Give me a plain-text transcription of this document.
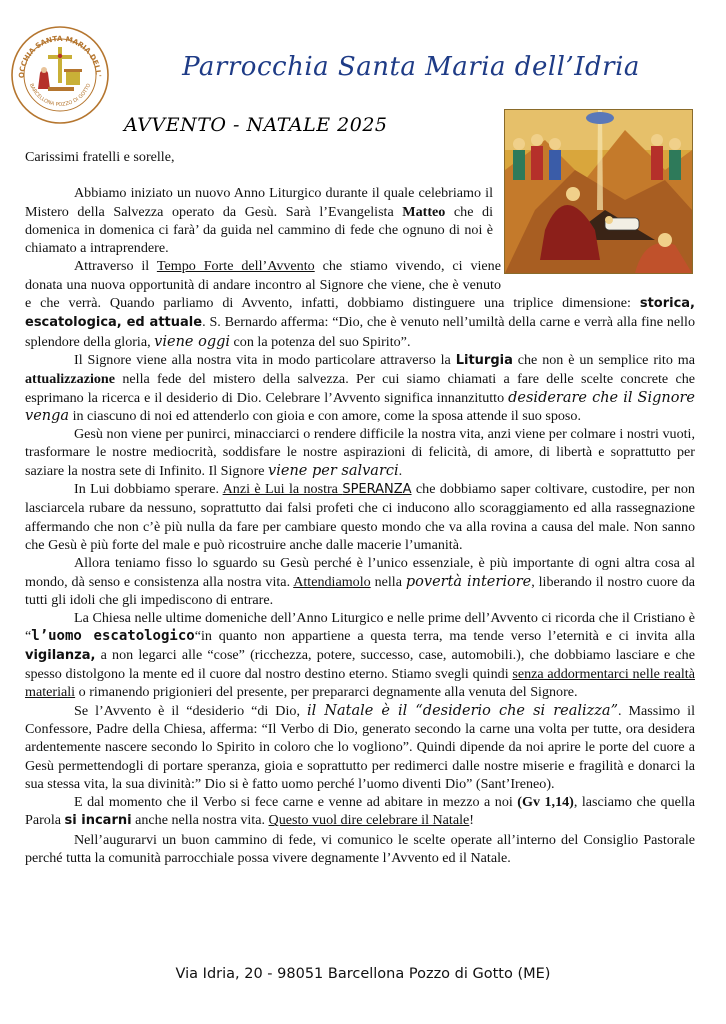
OCCHIA SANTA MARIA DELL'
BARCELLONA POZZO DI GOTTO
Parrocchia Santa Maria dell’Idria
AVVENTO - NATALE 2025

Carissimi fratelli e sorelle,

Abbiamo iniziato un nuovo Anno Liturgico durante il quale celebriamo il Mistero della Salvezza operato da Gesù. Sarà l’Evangelista Matteo che di domenica in domenica ci farà’ da guida nel cammino di fede che ognuno di noi è chiamato a intraprendere.

Attraverso il Tempo Forte dell’Avvento che stiamo vivendo, ci viene donata una nuova opportunità di andare incontro al Signore che viene, che è venuto e che verrà. Quando parliamo di Avvento, infatti, dobbiamo distinguere una triplice dimensione: storica, escatologica, ed attuale. S. Bernardo afferma: “Dio, che è venuto nell’umiltà della carne e verrà alla fine nello splendore della gloria, viene oggi con la potenza del suo Spirito”.

Il Signore viene alla nostra vita in modo particolare attraverso la Liturgia che non è un semplice rito ma attualizzazione nella fede del mistero della salvezza. Per cui siamo chiamati a fare delle scelte concrete che esprimano la ricerca e il desiderio di Dio. Celebrare l’Avvento significa innanzitutto desiderare che il Signore venga in ciascuno di noi ed attenderlo con gioia e con amore, come la sposa attende il suo sposo.

Gesù non viene per punirci, minacciarci o rendere difficile la nostra vita, anzi viene per colmare i nostri vuoti, trasformare le nostre mediocrità, soddisfare le nostre aspirazioni di felicità, di amore, di libertà e soprattutto per saziare la nostra sete di Infinito. Il Signore viene per salvarci.

In Lui dobbiamo sperare. Anzi è Lui la nostra SPERANZA che dobbiamo saper coltivare, custodire, per non lasciarcela rubare da nessuno, soprattutto dai falsi profeti che ci inducono allo scoraggiamento ed alla rassegnazione affermando che non c’è più nulla da fare per cambiare questo mondo che va alla rovina a causa del male. Non sanno che Gesù è più forte del male e può ricostruire anche dalle macerie l’umanità.

Allora teniamo fisso lo sguardo su Gesù perché è l’unico essenziale, è più importante di ogni altra cosa al mondo, dà senso e consistenza alla nostra vita. Attendiamolo nella povertà interiore, liberando il nostro cuore da tutti gli idoli che gli impediscono di entrare.

La Chiesa nelle ultime domeniche dell’Anno Liturgico e nelle prime dell’Avvento ci ricorda che il Cristiano è “l’uomo escatologico“in quanto non appartiene a questa terra, ma tende verso l’eternità e ci invita alla vigilanza, a non legarci alle “cose” (ricchezza, potere, successo, case, automobili.), che dobbiamo lasciare e che spesso distolgono la mente ed il cuore dal nostro destino eterno. Stiamo svegli quindi senza addormentarci nelle realtà materiali o rimanendo prigionieri del presente, per prepararci degnamente alla venuta del Signore.

Se l’Avvento è il “desiderio “di Dio, il Natale è il “desiderio che si realizza”. Massimo il Confessore, Padre della Chiesa, afferma: “Il Verbo di Dio, generato secondo la carne una volta per tutte, ora desidera ardentemente nascere secondo lo Spirito in coloro che lo vogliono”. Quindi dipende da noi aprire le porte del cuore a Gesù permettendogli di portare speranza, gioia e soprattutto per redimerci dalle nostre miserie e fragilità e donarci la sua stessa vita, la sua divinità:” Dio si è fatto uomo perché l’uomo diventi Dio” (Sant’Ireneo).

E dal momento che il Verbo si fece carne e venne ad abitare in mezzo a noi (Gv 1,14), lasciamo che quella Parola si incarni anche nella nostra vita. Questo vuol dire celebrare il Natale!

Nell’augurarvi un buon cammino di fede, vi comunico le scelte operate all’interno del Consiglio Pastorale perché tutta la comunità parrocchiale possa vivere degnamente l’Avvento ed il Natale.

Via Idria, 20 - 98051 Barcellona Pozzo di Gotto (ME)
